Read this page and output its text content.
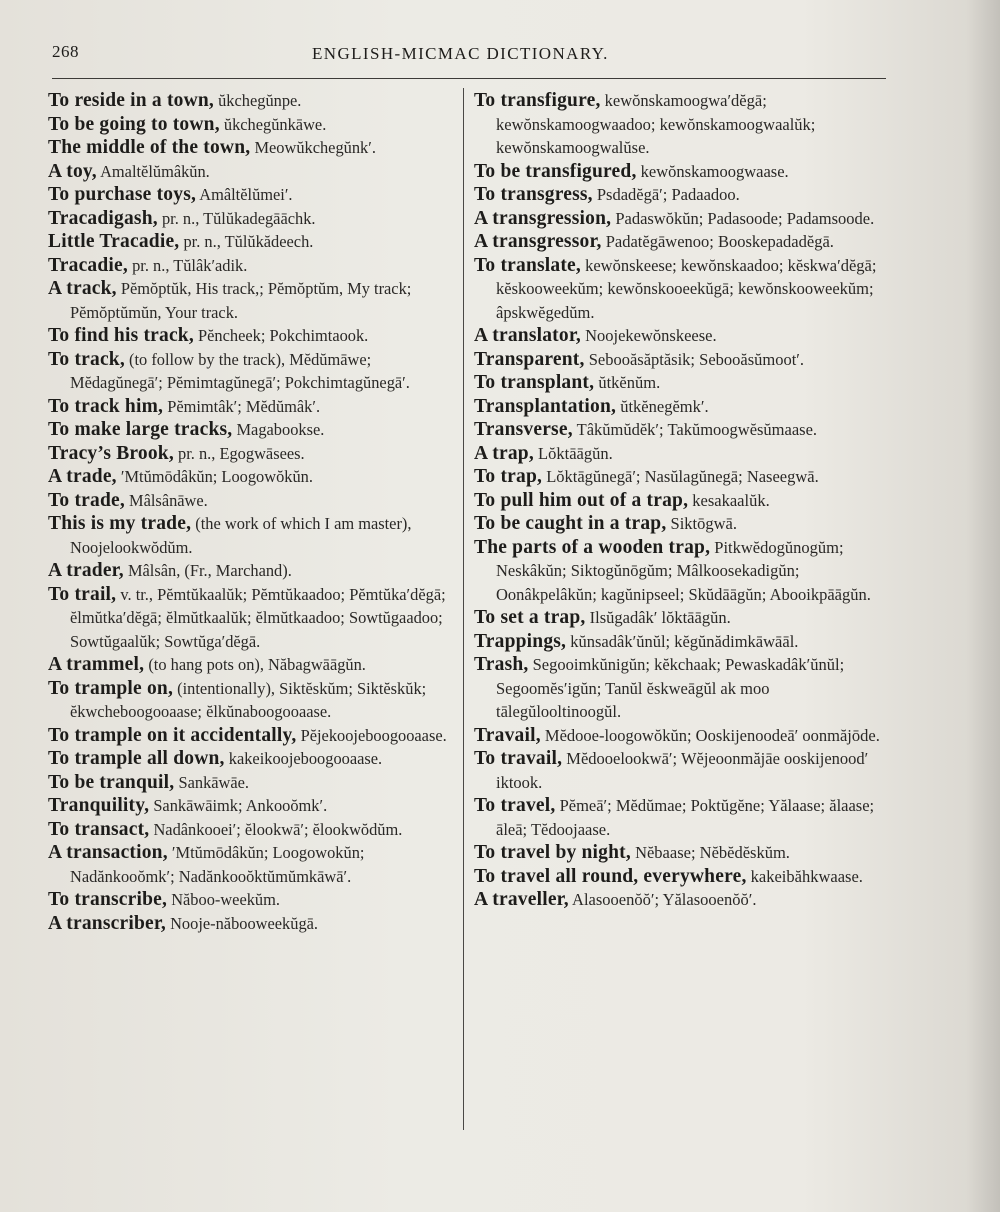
268	ENGLISH-MICMAC DICTIONARY.

To reside in a town, ŭkchegŭnpe.

To be going to town, ŭkchegŭnkāwe.

The middle of the town, Meowŭkchegŭnk′.

A toy, Amaltĕlŭmâkŭn.

To purchase toys, Amâltĕlŭmei′.

Tracadigash, pr. n., Tŭlŭkadegāāchk.

Little Tracadie, pr. n., Tŭlŭkădeech.

Tracadie, pr. n., Tŭlâk′adik.

A track, Pĕmŏptŭk, His track,; Pĕmŏptŭm, My track; Pĕmŏptŭmŭn, Your track.

To find his track, Pĕncheek; Pokchimtaook.

To track, (to follow by the track), Mĕdŭmāwe; Mĕdagŭnegā′; Pĕmimtagŭnegā′; Pokchimtagŭnegā′.

To track him, Pĕmimtâk′; Mĕdŭmâk′.

To make large tracks, Magabookse.

Tracy’s Brook, pr. n., Egogwāsees.

A trade, ′Mtŭmōdâkŭn; Loogowŏkŭn.

To trade, Mâlsânāwe.

This is my trade, (the work of which I am master), Noojelookwŏdŭm.

A trader, Mâlsân, (Fr., Marchand).

To trail, v. tr., Pĕmtŭkaalŭk; Pĕmtŭkaadoo; Pĕmtŭka′dĕgā; ĕlmŭtka′dĕgā; ĕlmŭtkaalŭk; ĕlmŭtkaadoo; Sowtŭgaadoo; Sowtŭgaalŭk; Sowtŭga′dĕgā.

A trammel, (to hang pots on), Năbagwāāgŭn.

To trample on, (intentionally), Siktĕskŭm; Siktĕskŭk; ĕkwcheboogooaase; ĕlkŭnaboogooaase.

To trample on it accidentally, Pĕjekoojeboogooaase.

To trample all down, kakeikoojeboogooaase.

To be tranquil, Sankāwāe.

Tranquility, Sankāwāimk; Ankooŏmk′.

To transact, Nadânkooei′; ĕlookwā′; ĕlookwŏdŭm.

A transaction, ′Mtŭmōdâkŭn; Loogowokŭn; Nadănkooŏmk′; Nadănkooŏktŭmŭmkāwā′.

To transcribe, Năboo-weekŭm.

A transcriber, Nooje-năbooweekŭgā.

To transfigure, kewŏnskamoogwa′dĕgā; kewŏnskamoogwaadoo; kewŏnskamoogwaalŭk; kewŏnskamoogwalŭse.

To be transfigured, kewŏnskamoogwaase.

To transgress, Psdadĕgā′; Padaadoo.

A transgression, Padaswŏkŭn; Padasoode; Padamsoode.

A transgressor, Padatĕgāwenoo; Booskepadadĕgā.

To translate, kewŏnskeese; kewŏnskaadoo; kĕskwa′dĕgā; kĕskooweekŭm; kewŏnskooeekŭgā; kewŏnskooweekŭm; âpskwĕgedŭm.

A translator, Noojekewŏnskeese.

Transparent, Sebooăsăptăsik; Sebooăsŭmoot′.

To transplant, ŭtkĕnŭm.

Transplantation, ŭtkĕnegĕmk′.

Transverse, Tâkŭmŭdĕk′; Takŭmoogwĕsŭmaase.

A trap, Lŏktāāgŭn.

To trap, Lŏktāgŭnegā′; Nasŭlagŭnegā; Naseegwā.

To pull him out of a trap, kesakaalŭk.

To be caught in a trap, Siktōgwā.

The parts of a wooden trap, Pitkwĕdogŭnogŭm; Neskâkŭn; Siktogŭnōgŭm; Mâlkoosekadigŭn; Oonâkpelâkŭn; kagŭnipseel; Skŭdāāgŭn; Abooikpāāgŭn.

To set a trap, Ilsŭgadâk′ lŏktāāgŭn.

Trappings, kŭnsadâk′ŭnŭl; kĕgŭnădimkāwāāl.

Trash, Segooimkŭnigŭn; kĕkchaak; Pewaskadâk′ŭnŭl; Segoomĕs′igŭn; Tanŭl ĕskweāgŭl ak moo tālegŭlooltinoogŭl.

Travail, Mĕdooe-loogowŏkŭn; Ooskijenoodeā′ oonmăjōde.

To travail, Mĕdooelookwā′; Wĕjeoonmăjāe ooskijenood′ iktook.

To travel, Pĕmeā′; Mĕdŭmae; Poktŭgĕne; Yălaase; ălaase; āleā; Tĕdoojaase.

To travel by night, Nĕbaase; Nĕbĕdĕskŭm.

To travel all round, everywhere, kakeibăhkwaase.

A traveller, Alasooenŏŏ′; Yălasooenŏŏ′.
